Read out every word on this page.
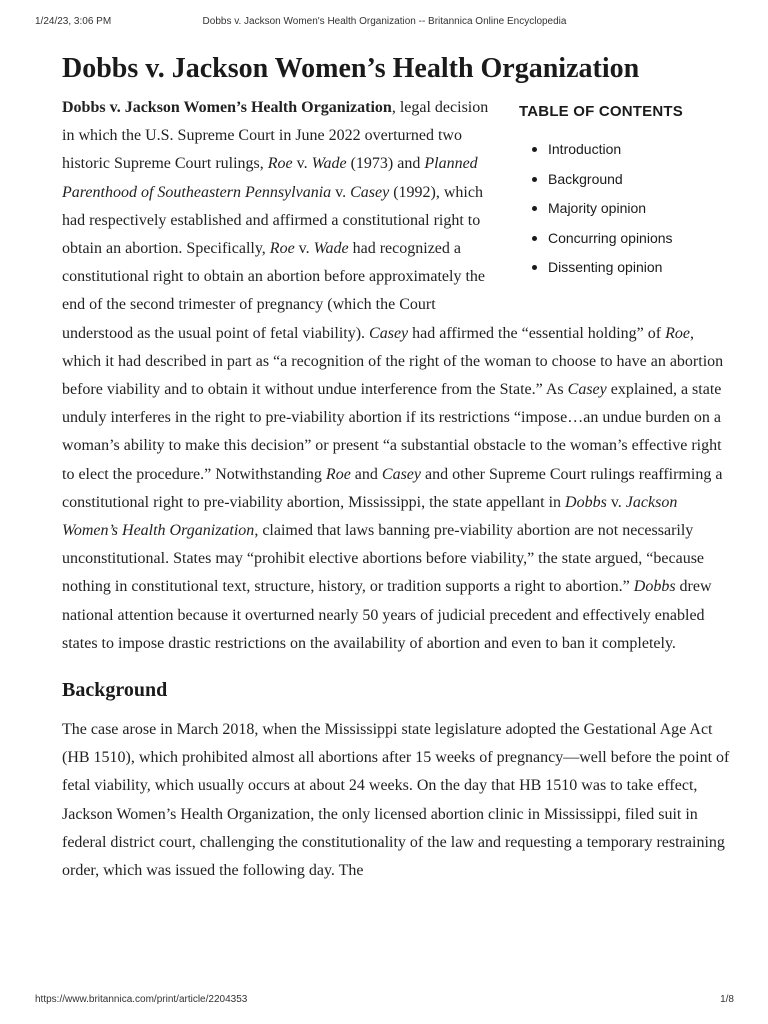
1/24/23, 3:06 PM	Dobbs v. Jackson Women's Health Organization -- Britannica Online Encyclopedia
Dobbs v. Jackson Women’s Health Organization
TABLE OF CONTENTS
Introduction
Background
Majority opinion
Concurring opinions
Dissenting opinion

Dobbs v. Jackson Women’s Health Organization, legal decision in which the U.S. Supreme Court in June 2022 overturned two historic Supreme Court rulings, Roe v. Wade (1973) and Planned Parenthood of Southeastern Pennsylvania v. Casey (1992), which had respectively established and affirmed a constitutional right to obtain an abortion. Specifically, Roe v. Wade had recognized a constitutional right to obtain an abortion before approximately the end of the second trimester of pregnancy (which the Court understood as the usual point of fetal viability). Casey had affirmed the “essential holding” of Roe, which it had described in part as “a recognition of the right of the woman to choose to have an abortion before viability and to obtain it without undue interference from the State.” As Casey explained, a state unduly interferes in the right to pre-viability abortion if its restrictions “impose…an undue burden on a woman’s ability to make this decision” or present “a substantial obstacle to the woman’s effective right to elect the procedure.” Notwithstanding Roe and Casey and other Supreme Court rulings reaffirming a constitutional right to pre-viability abortion, Mississippi, the state appellant in Dobbs v. Jackson Women’s Health Organization, claimed that laws banning pre-viability abortion are not necessarily unconstitutional. States may “prohibit elective abortions before viability,” the state argued, “because nothing in constitutional text, structure, history, or tradition supports a right to abortion.” Dobbs drew national attention because it overturned nearly 50 years of judicial precedent and effectively enabled states to impose drastic restrictions on the availability of abortion and even to ban it completely.

Background

The case arose in March 2018, when the Mississippi state legislature adopted the Gestational Age Act (HB 1510), which prohibited almost all abortions after 15 weeks of pregnancy—well before the point of fetal viability, which usually occurs at about 24 weeks. On the day that HB 1510 was to take effect, Jackson Women’s Health Organization, the only licensed abortion clinic in Mississippi, filed suit in federal district court, challenging the constitutionality of the law and requesting a temporary restraining order, which was issued the following day. The

https://www.britannica.com/print/article/2204353	1/8
